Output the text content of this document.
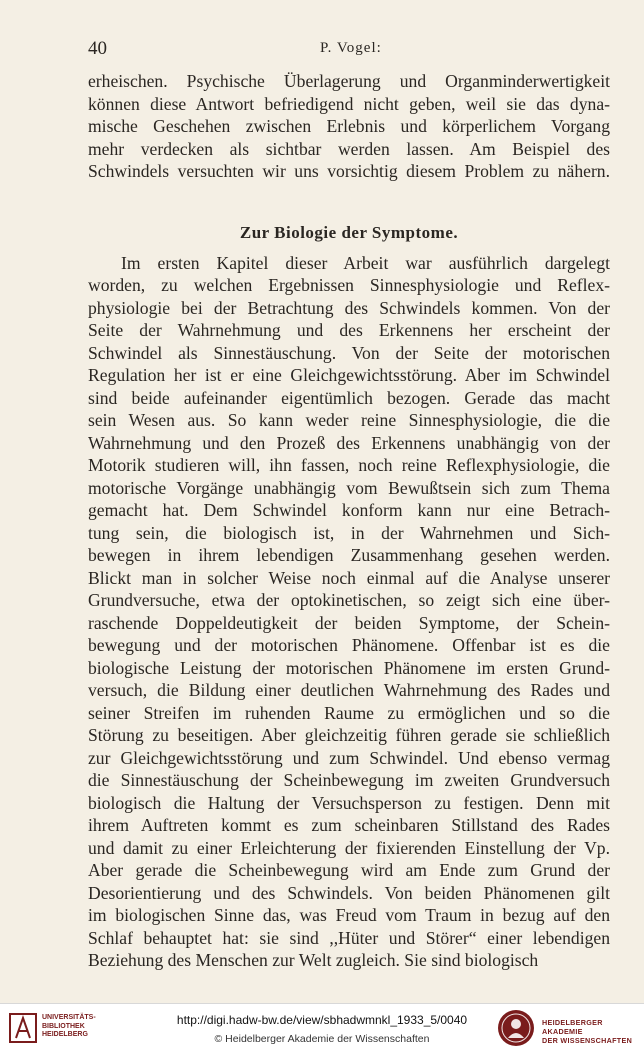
40	P. Vogel:
erheischen. Psychische Überlagerung und Organminderwertigkeit
können diese Antwort befriedigend nicht geben, weil sie das dyna-
mische Geschehen zwischen Erlebnis und körperlichem Vorgang
mehr verdecken als sichtbar werden lassen. Am Beispiel des
Schwindels versuchten wir uns vorsichtig diesem Problem zu nähern.
Zur Biologie der Symptome.
Im ersten Kapitel dieser Arbeit war ausführlich dargelegt
worden, zu welchen Ergebnissen Sinnesphysiologie und Reflex-
physiologie bei der Betrachtung des Schwindels kommen. Von der
Seite der Wahrnehmung und des Erkennens her erscheint der
Schwindel als Sinnestäuschung. Von der Seite der motorischen
Regulation her ist er eine Gleichgewichtsstörung. Aber im Schwindel
sind beide aufeinander eigentümlich bezogen. Gerade das macht
sein Wesen aus. So kann weder reine Sinnesphysiologie, die die
Wahrnehmung und den Prozeß des Erkennens unabhängig von der
Motorik studieren will, ihn fassen, noch reine Reflexphysiologie, die
motorische Vorgänge unabhängig vom Bewußtsein sich zum Thema
gemacht hat. Dem Schwindel konform kann nur eine Betrach-
tung sein, die biologisch ist, in der Wahrnehmen und Sich-
bewegen in ihrem lebendigen Zusammenhang gesehen werden.
Blickt man in solcher Weise noch einmal auf die Analyse unserer
Grundversuche, etwa der optokinetischen, so zeigt sich eine über-
raschende Doppeldeutigkeit der beiden Symptome, der Schein-
bewegung und der motorischen Phänomene. Offenbar ist es die
biologische Leistung der motorischen Phänomene im ersten Grund-
versuch, die Bildung einer deutlichen Wahrnehmung des Rades und
seiner Streifen im ruhenden Raume zu ermöglichen und so die
Störung zu beseitigen. Aber gleichzeitig führen gerade sie schließlich
zur Gleichgewichtsstörung und zum Schwindel. Und ebenso vermag
die Sinnestäuschung der Scheinbewegung im zweiten Grundversuch
biologisch die Haltung der Versuchsperson zu festigen. Denn mit
ihrem Auftreten kommt es zum scheinbaren Stillstand des Rades
und damit zu einer Erleichterung der fixierenden Einstellung der Vp.
Aber gerade die Scheinbewegung wird am Ende zum Grund der
Desorientierung und des Schwindels. Von beiden Phänomenen gilt
im biologischen Sinne das, was Freud vom Traum in bezug auf den
Schlaf behauptet hat: sie sind ,,Hüter und Störer“ einer lebendigen
Beziehung des Menschen zur Welt zugleich. Sie sind biologisch
UNIVERSITÄTS-
BIBLIOTHEK
HEIDELBERG
http://digi.hadw-bw.de/view/sbhadwmnkl_1933_5/0040
© Heidelberger Akademie der Wissenschaften
HEIDELBERGER AKADEMIE
DER WISSENSCHAFTEN
